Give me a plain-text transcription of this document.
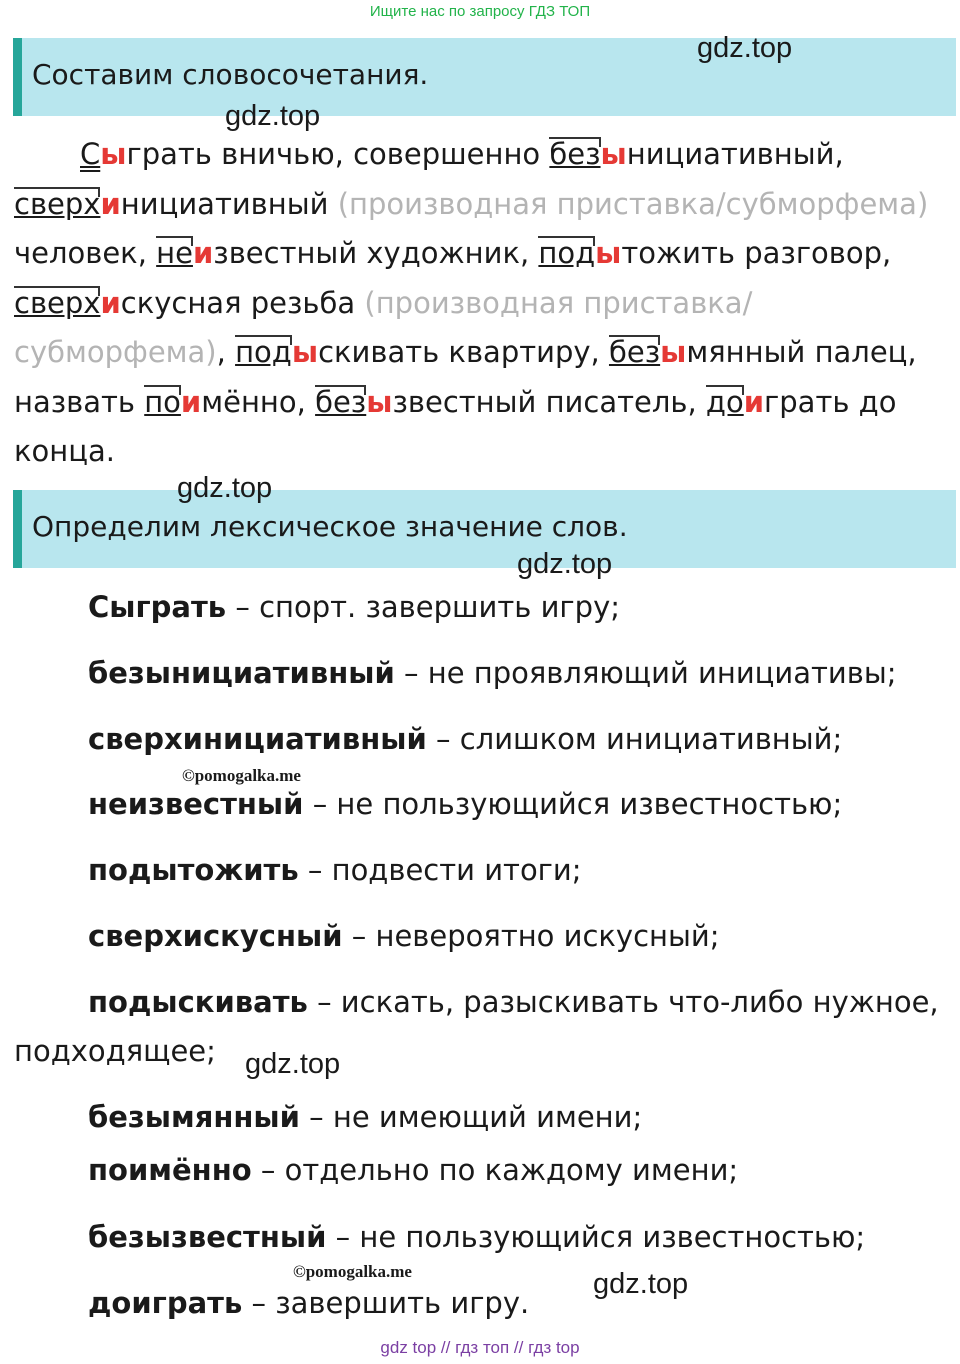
Ищите нас по запросу ГДЗ ТОП
Составим словосочетания.
Сыграть вничью, совершенно безынициативный, сверхинициативный (производная приставка/субморфема) человек, неизвестный художник, подытожить разговор, сверхискусная резьба (производная приставка/субморфема), подыскивать квартиру, безымянный палец, назвать поимённо, безызвестный писатель, доиграть до конца.
Определим лексическое значение слов.
Сыграть – спорт. завершить игру;
безынициативный – не проявляющий инициативы;
сверхинициативный – слишком инициативный;
неизвестный – не пользующийся известностью;
подытожить – подвести итоги;
сверхискусный – невероятно искусный;
подыскивать – искать, разыскивать что-либо нужное,
подходящее;
безымянный – не имеющий имени;
поимённо – отдельно по каждому имени;
безызвестный – не пользующийся известностью;
доиграть – завершить игру.
gdz.top
gdz.top
gdz.top
gdz.top
gdz.top
gdz.top
©pomogalka.me
©pomogalka.me
gdz top // гдз топ // гдз top
